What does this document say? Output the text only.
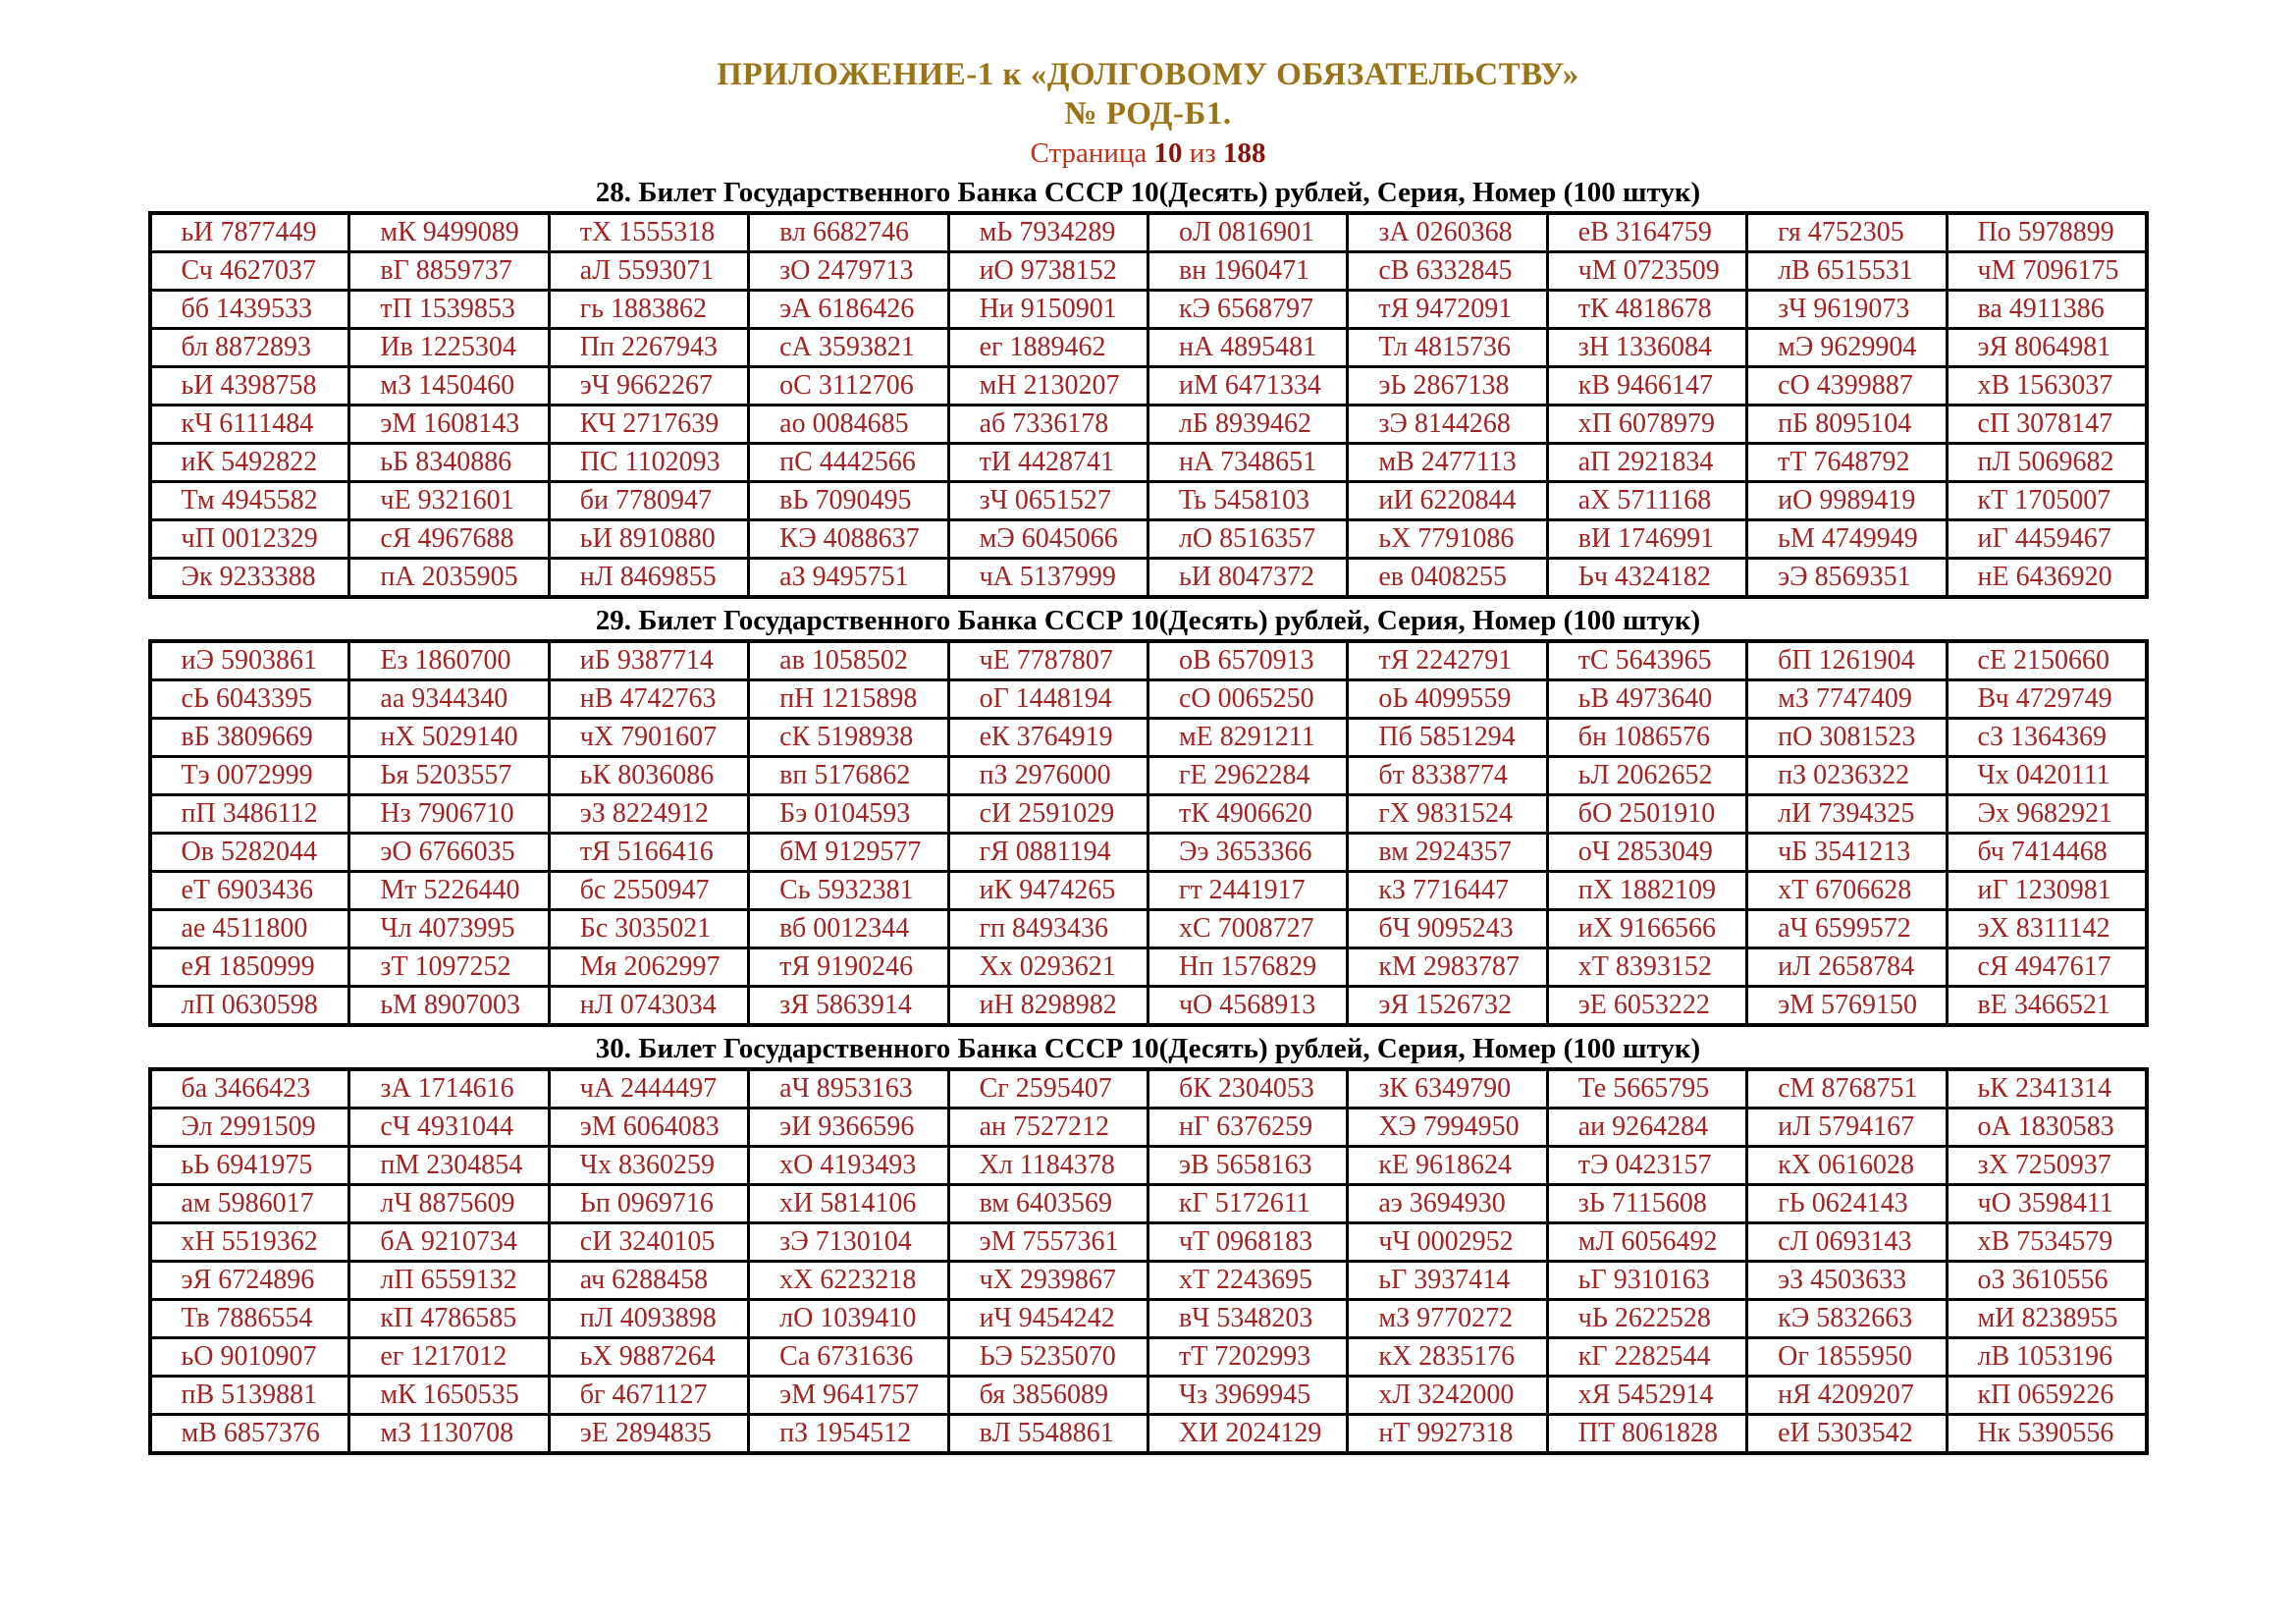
ПРИЛОЖЕНИЕ-1 к «ДОЛГОВОМУ ОБЯЗАТЕЛЬСТВУ»
№ РОД-Б1.
Страница 10 из 188
28. Билет Государственного Банка СССР 10(Десять) рублей, Серия, Номер (100 штук)
ьИ 7877449	мК 9499089	тХ 1555318	вл 6682746	мЬ 7934289	оЛ 0816901	зА 0260368	еВ 3164759	гя 4752305	По 5978899
Сч 4627037	вГ 8859737	аЛ 5593071	зО 2479713	иО 9738152	вн 1960471	сВ 6332845	чМ 0723509	лВ 6515531	чМ 7096175
бб 1439533	тП 1539853	гь 1883862	эА 6186426	Ни 9150901	кЭ 6568797	тЯ 9472091	тК 4818678	зЧ 9619073	ва 4911386
бл 8872893	Ив 1225304	Пп 2267943	сА 3593821	ег 1889462	нА 4895481	Тл 4815736	зН 1336084	мЭ 9629904	эЯ 8064981
ьИ 4398758	мЗ 1450460	эЧ 9662267	оС 3112706	мН 2130207	иМ 6471334	эЬ 2867138	кВ 9466147	сО 4399887	хВ 1563037
кЧ 6111484	эМ 1608143	КЧ 2717639	ао 0084685	аб 7336178	лБ 8939462	зЭ 8144268	хП 6078979	пБ 8095104	сП 3078147
иК 5492822	ьБ 8340886	ПС 1102093	пС 4442566	тИ 4428741	нА 7348651	мВ 2477113	аП 2921834	тТ 7648792	пЛ 5069682
Тм 4945582	чЕ 9321601	би 7780947	вЬ 7090495	зЧ 0651527	Ть 5458103	иИ 6220844	аХ 5711168	иО 9989419	кТ 1705007
чП 0012329	сЯ 4967688	ьИ 8910880	КЭ 4088637	мЭ 6045066	лО 8516357	ьХ 7791086	вИ 1746991	ьМ 4749949	иГ 4459467
Эк 9233388	пА 2035905	нЛ 8469855	аЗ 9495751	чА 5137999	ьИ 8047372	ев 0408255	Ьч 4324182	эЭ 8569351	нЕ 6436920
29. Билет Государственного Банка СССР 10(Десять) рублей, Серия, Номер (100 штук)
иЭ 5903861	Ез 1860700	иБ 9387714	ав 1058502	чЕ 7787807	оВ 6570913	тЯ 2242791	тС 5643965	бП 1261904	сЕ 2150660
сЬ 6043395	аа 9344340	нВ 4742763	пН 1215898	оГ 1448194	сО 0065250	оЬ 4099559	ьВ 4973640	мЗ 7747409	Вч 4729749
вБ 3809669	нХ 5029140	чХ 7901607	сК 5198938	еК 3764919	мЕ 8291211	Пб 5851294	бн 1086576	пО 3081523	сЗ 1364369
Тэ 0072999	Ья 5203557	ьК 8036086	вп 5176862	пЗ 2976000	гЕ 2962284	бт 8338774	ьЛ 2062652	пЗ 0236322	Чх 0420111
пП 3486112	Нз 7906710	эЗ 8224912	Бэ 0104593	сИ 2591029	тК 4906620	гХ 9831524	бО 2501910	лИ 7394325	Эх 9682921
Ов 5282044	эО 6766035	тЯ 5166416	бМ 9129577	гЯ 0881194	Ээ 3653366	вм 2924357	оЧ 2853049	чБ 3541213	бч 7414468
еТ 6903436	Мт 5226440	бс 2550947	Сь 5932381	иК 9474265	гт 2441917	кЗ 7716447	пХ 1882109	хТ 6706628	иГ 1230981
ае 4511800	Чл 4073995	Бс 3035021	вб 0012344	гп 8493436	хС 7008727	бЧ 9095243	иХ 9166566	аЧ 6599572	эХ 8311142
еЯ 1850999	зТ 1097252	Мя 2062997	тЯ 9190246	Хх 0293621	Нп 1576829	кМ 2983787	хТ 8393152	иЛ 2658784	сЯ 4947617
лП 0630598	ьМ 8907003	нЛ 0743034	зЯ 5863914	иН 8298982	чО 4568913	эЯ 1526732	эЕ 6053222	эМ 5769150	вЕ 3466521
30. Билет Государственного Банка СССР 10(Десять) рублей, Серия, Номер (100 штук)
ба 3466423	зА 1714616	чА 2444497	аЧ 8953163	Сг 2595407	бК 2304053	зК 6349790	Те 5665795	сМ 8768751	ьК 2341314
Эл 2991509	сЧ 4931044	эМ 6064083	эИ 9366596	ан 7527212	нГ 6376259	ХЭ 7994950	аи 9264284	иЛ 5794167	оА 1830583
ьЬ 6941975	пМ 2304854	Чх 8360259	хО 4193493	Хл 1184378	эВ 5658163	кЕ 9618624	тЭ 0423157	кХ 0616028	зХ 7250937
ам 5986017	лЧ 8875609	Ьп 0969716	хИ 5814106	вм 6403569	кГ 5172611	аэ 3694930	зЬ 7115608	гЬ 0624143	чО 3598411
хН 5519362	бА 9210734	сИ 3240105	зЭ 7130104	эМ 7557361	чТ 0968183	чЧ 0002952	мЛ 6056492	сЛ 0693143	хВ 7534579
эЯ 6724896	лП 6559132	ач 6288458	хХ 6223218	чХ 2939867	хТ 2243695	ьГ 3937414	ьГ 9310163	эЗ 4503633	оЗ 3610556
Тв 7886554	кП 4786585	пЛ 4093898	лО 1039410	иЧ 9454242	вЧ 5348203	мЗ 9770272	чЬ 2622528	кЭ 5832663	мИ 8238955
ьО 9010907	ег 1217012	ьХ 9887264	Са 6731636	ЬЭ 5235070	тТ 7202993	кХ 2835176	кГ 2282544	Ог 1855950	лВ 1053196
пВ 5139881	мК 1650535	бг 4671127	эМ 9641757	бя 3856089	Чз 3969945	хЛ 3242000	хЯ 5452914	нЯ 4209207	кП 0659226
мВ 6857376	мЗ 1130708	эЕ 2894835	пЗ 1954512	вЛ 5548861	ХИ 2024129	нТ 9927318	ПТ 8061828	еИ 5303542	Нк 5390556
